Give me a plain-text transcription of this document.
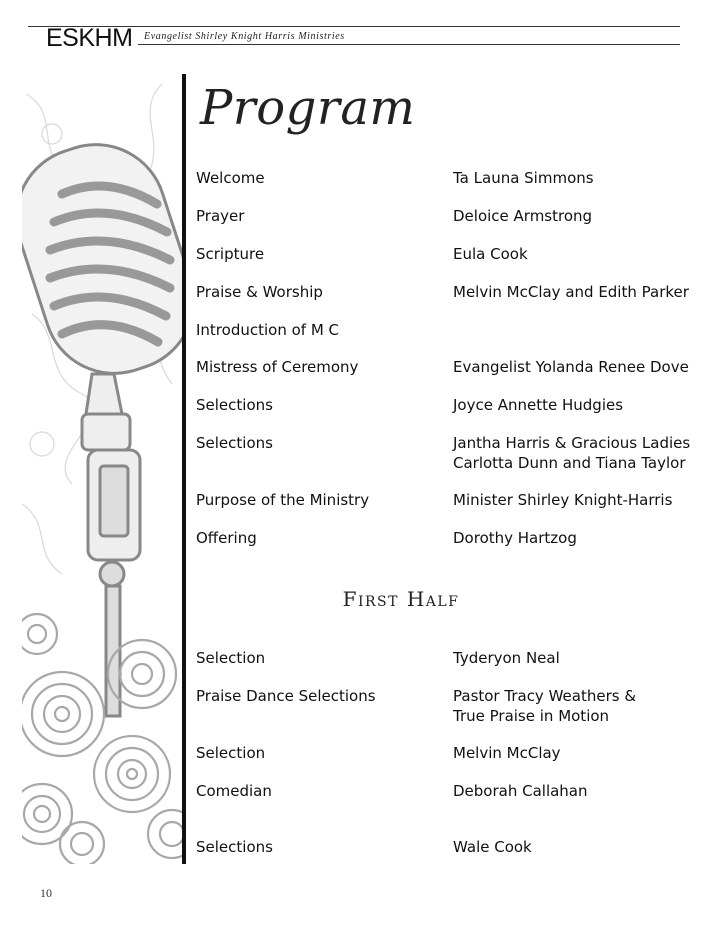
ESKHM Evangelist Shirley Knight Harris Ministries
Program
Welcome	Ta Launa Simmons
Prayer	Deloice Armstrong
Scripture	Eula Cook
Praise & Worship	Melvin McClay and Edith Parker
Introduction of M C
Mistress of Ceremony	Evangelist Yolanda Renee Dove
Selections	Joyce Annette Hudgies
Selections	Jantha Harris & Gracious Ladies
Carlotta Dunn and Tiana Taylor
Purpose of the Ministry	Minister Shirley Knight-Harris
Offering	Dorothy Hartzog
First Half
Selection	Tyderyon Neal
Praise Dance Selections	Pastor Tracy Weathers &
True Praise in Motion
Selection	Melvin McClay
Comedian	Deborah Callahan
Selections	Wale Cook
10
